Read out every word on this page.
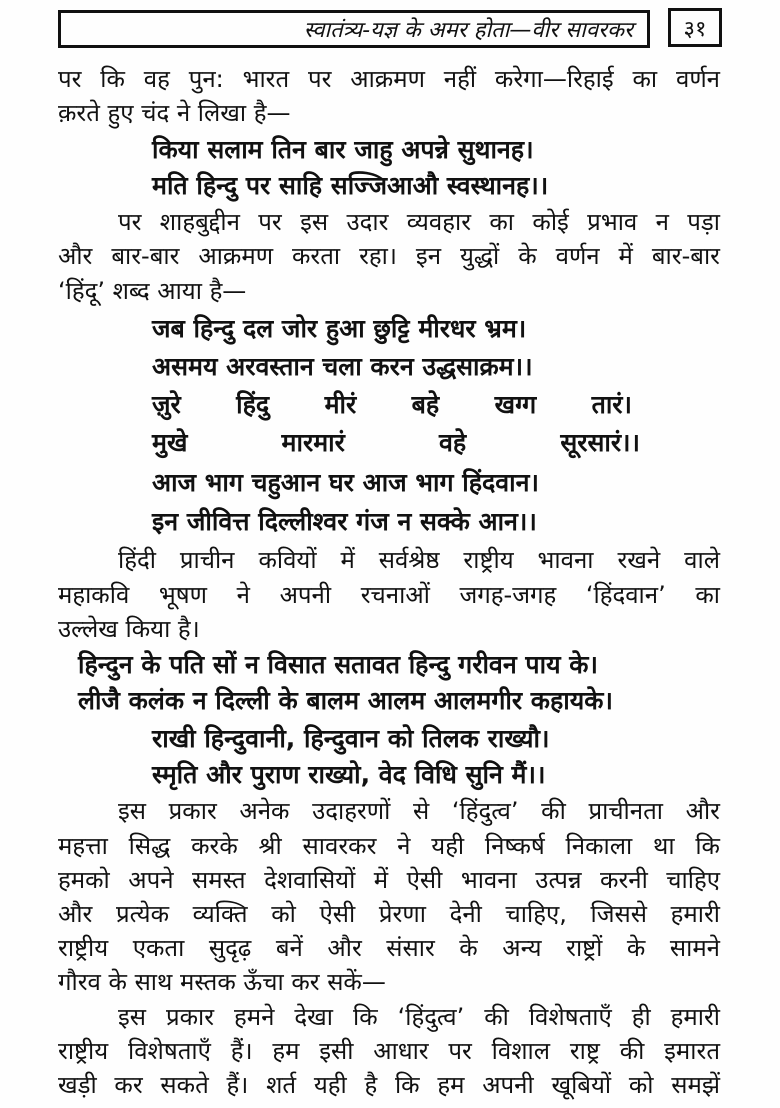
स्वातंत्र्य-यज्ञ के अमर होता—वीर सावरकर ३१
पर कि वह पुन: भारत पर आक्रमण नहीं करेगा—रिहाई का वर्णन
क़रते हुए चंद ने लिखा है—
किया सलाम तिन बार जाहु अपन्ने सुथानह।
मति हिन्दु पर साहि सज्जिआऔ स्वस्थानह।।
पर शाहबुद्दीन पर इस उदार व्यवहार का कोई प्रभाव न पड़ा
और बार-बार आक्रमण करता रहा। इन युद्धों के वर्णन में बार-बार
‘हिंदू’ शब्द आया है—
जब हिन्दु दल जोर हुआ छुट्टि मीरधर भ्रम।
असमय अरवस्तान चला करन उद्धसाक्रम।।
ज़ुरे हिंदु मीरं बहे खग्ग तारं।
मुखे मारमारं वहे सूरसारं।।
आज भाग चहुआन घर आज भाग हिंदवान।
इन जीवित्त दिल्लीश्वर गंज न सक्के आन।।
हिंदी प्राचीन कवियों में सर्वश्रेष्ठ राष्ट्रीय भावना रखने वाले
महाकवि भूषण ने अपनी रचनाओं जगह-जगह ‘हिंदवान’ का
उल्लेख किया है।
हिन्दुन के पति सों न विसात सतावत हिन्दु गरीवन पाय के।
लीजै कलंक न दिल्ली के बालम आलम आलमगीर कहायके।
राखी हिन्दुवानी, हिन्दुवान को तिलक राख्यौ।
स्मृति और पुराण राख्यो, वेद विधि सुनि मैं।।
इस प्रकार अनेक उदाहरणों से ‘हिंदुत्व’ की प्राचीनता और
महत्ता सिद्ध करके श्री सावरकर ने यही निष्कर्ष निकाला था कि
हमको अपने समस्त देशवासियों में ऐसी भावना उत्पन्न करनी चाहिए
और प्रत्येक व्यक्ति को ऐसी प्रेरणा देनी चाहिए, जिससे हमारी
राष्ट्रीय एकता सुदृढ़ बनें और संसार के अन्य राष्ट्रों के सामने
गौरव के साथ मस्तक ऊँचा कर सकें—
इस प्रकार हमने देखा कि ‘हिंदुत्व’ की विशेषताएँ ही हमारी
राष्ट्रीय विशेषताएँ हैं। हम इसी आधार पर विशाल राष्ट्र की इमारत
खड़ी कर सकते हैं। शर्त यही है कि हम अपनी खूबियों को समझें
